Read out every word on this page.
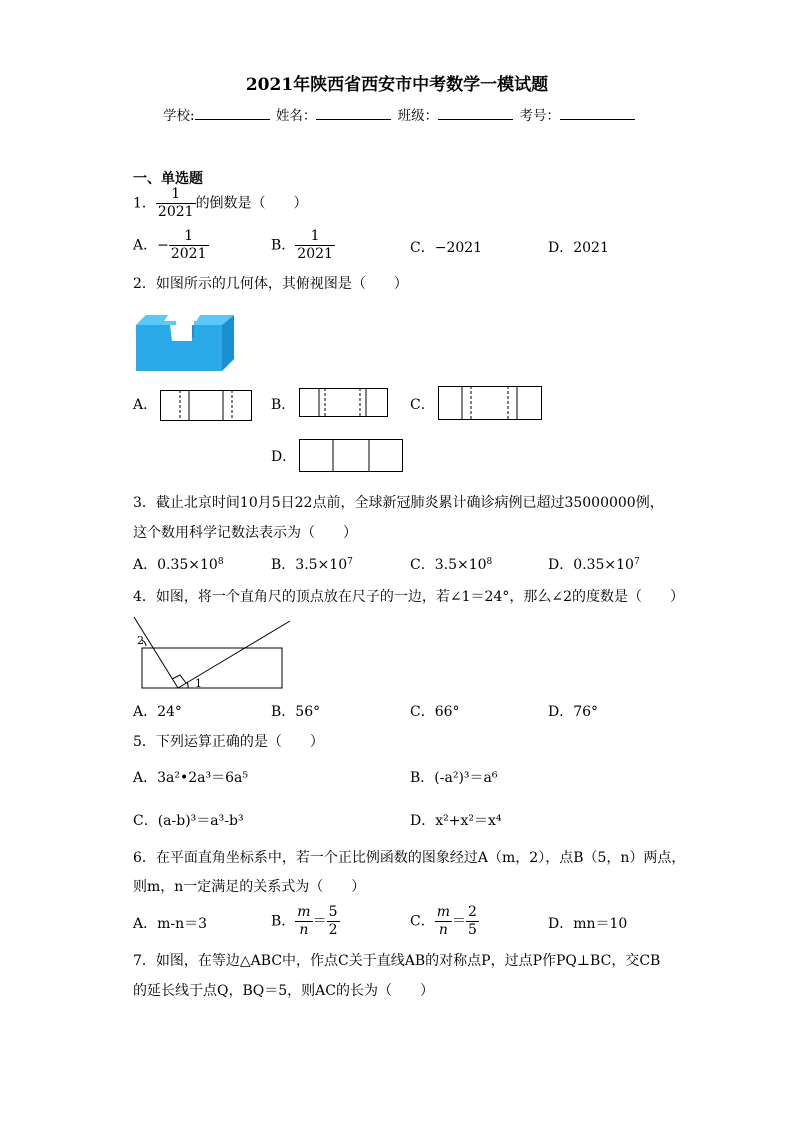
2021年陕西省西安市中考数学一模试题
学校:	姓名：	班级：	考号：
一、单选题
1． $\frac{1}{2021}$ 的倒数是（　　）
A．− $\frac{1}{2021}$	B． $\frac{1}{2021}$	C．−2021	D．2021
2．如图所示的几何体，其俯视图是（　　）
A．	B．	C．
D．
3．截止北京时间10月5日22点前，全球新冠肺炎累计确诊病例已超过35000000例，
这个数用科学记数法表示为（　　）
A．$0.35\times 10^8$	B．$3.5\times 10^7$	C．$3.5\times 10^8$	D．$0.35\times 10^7$
4．如图，将一个直角尺的顶点放在尺子的一边，若∠1＝24°，那么∠2的度数是（　　）
1
2
A．24°	B．56°	C．66°	D．76°
5．下列运算正确的是（　　）
A．3a²•2a³＝6a⁵	B．(-a²)³＝a⁶
C．(a-b)³＝a³-b³	D．x²+x²＝x⁴
6．在平面直角坐标系中，若一个正比例函数的图象经过A（m，2），点B（5，n）两点，
则m，n一定满足的关系式为（　　）
A．m-n＝3	B． $\frac{m}{n} = \frac{5}{2}$	C． $\frac{m}{n} = \frac{2}{5}$	D．mn＝10
7．如图，在等边△ABC中，作点C关于直线AB的对称点P，过点P作PQ⊥BC，交CB
的延长线于点Q，BQ＝5，则AC的长为（　　）
